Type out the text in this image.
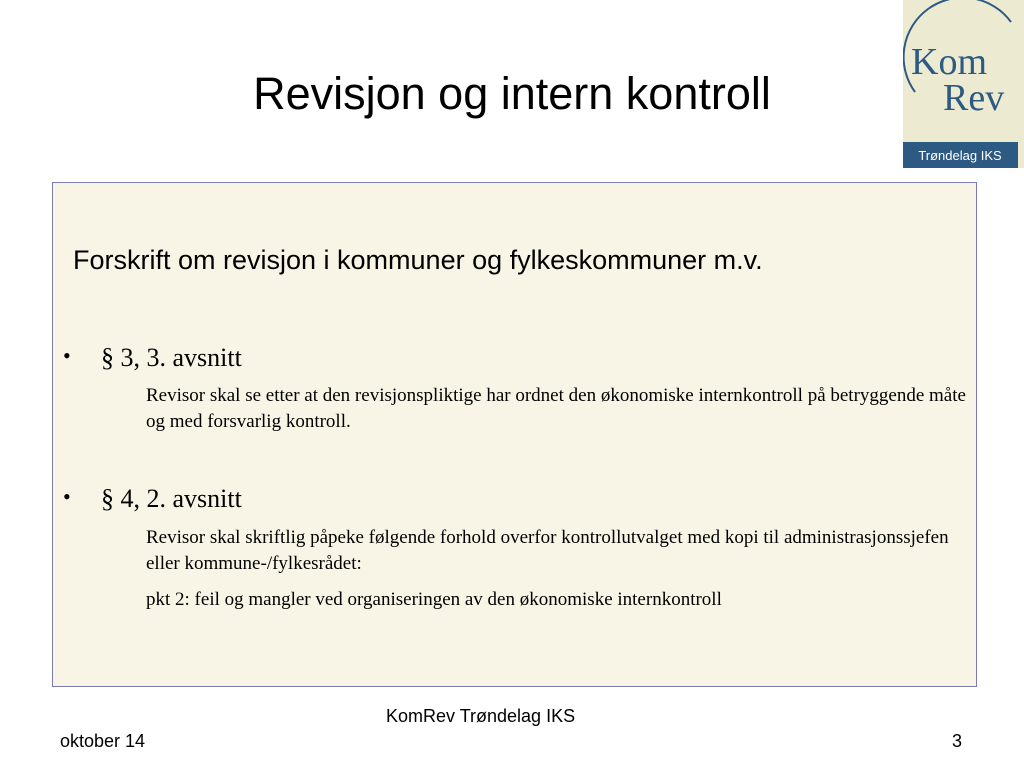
Revisjon og intern kontroll
Kom
Rev
Trøndelag IKS
Forskrift om revisjon i kommuner og fylkeskommuner m.v.
• § 3, 3. avsnitt
Revisor skal se etter at den revisjonspliktige har ordnet den økonomiske internkontroll på betryggende måte og med forsvarlig kontroll.
• § 4, 2. avsnitt
Revisor skal skriftlig påpeke følgende forhold overfor kontrollutvalget med kopi til administrasjonssjefen eller kommune-/fylkesrådet:
pkt 2: feil og mangler ved organiseringen av den økonomiske internkontroll
KomRev Trøndelag IKS
oktober 14	3
